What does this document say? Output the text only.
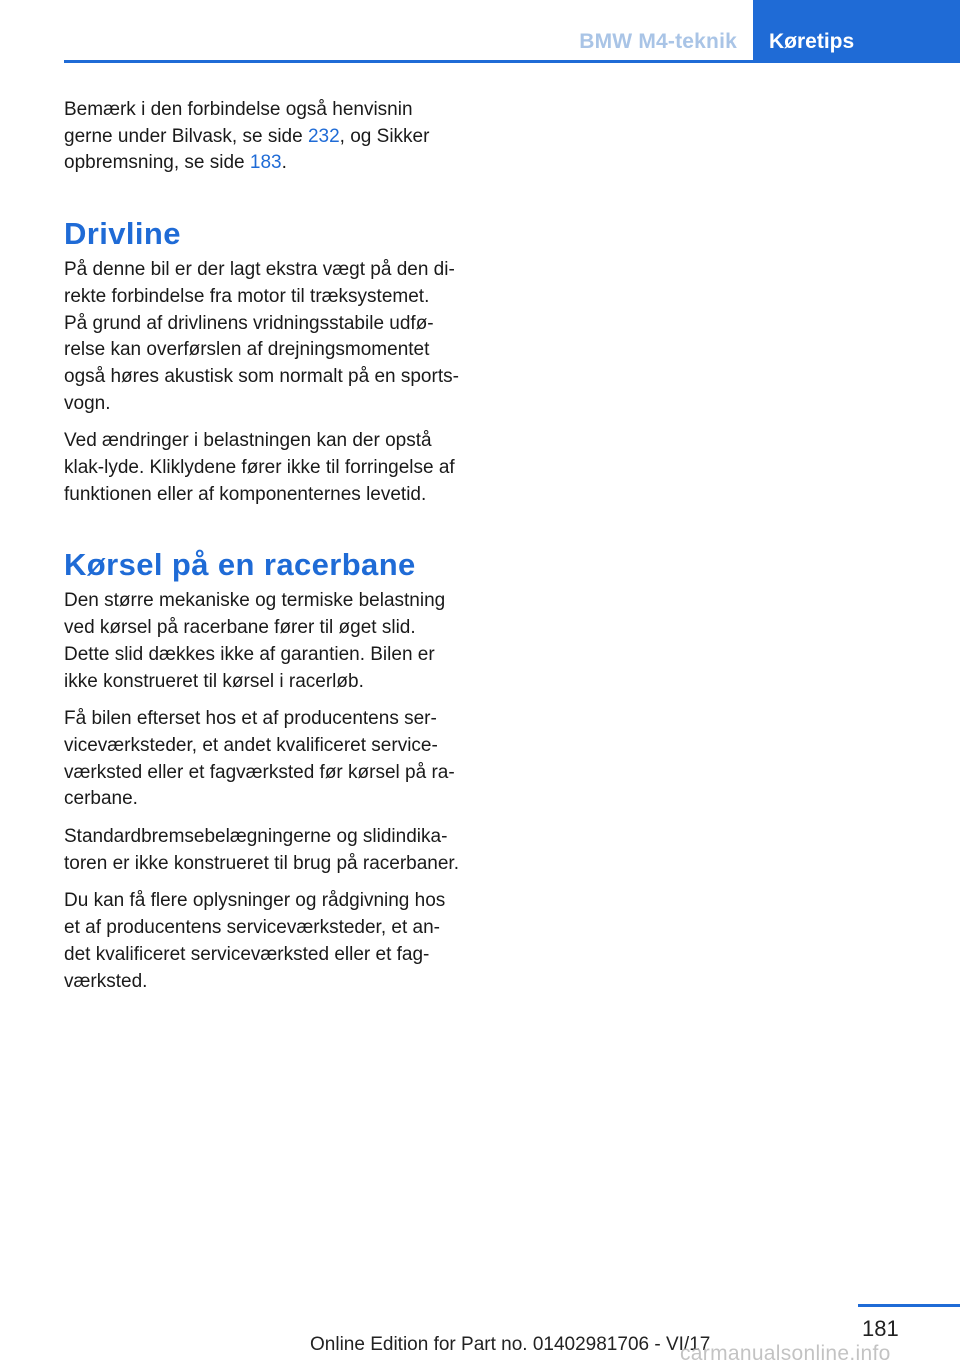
BMW M4-teknik	Køretips

Bemærk i den forbindelse også henvisnin
gerne under Bilvask, se side 232, og Sikker
opbremsning, se side 183.

Drivline

På denne bil er der lagt ekstra vægt på den di‐
rekte forbindelse fra motor til træksystemet.
På grund af drivlinens vridningsstabile udfø‐
relse kan overførslen af drejningsmomentet
også høres akustisk som normalt på en sports‐
vogn.

Ved ændringer i belastningen kan der opstå
klak-lyde. Kliklydene fører ikke til forringelse af
funktionen eller af komponenternes levetid.

Kørsel på en racerbane

Den større mekaniske og termiske belastning
ved kørsel på racerbane fører til øget slid.
Dette slid dækkes ikke af garantien. Bilen er
ikke konstrueret til kørsel i racerløb.

Få bilen efterset hos et af producentens ser‐
viceværksteder, et andet kvalificeret service‐
værksted eller et fagværksted før kørsel på ra‐
cerbane.

Standardbremsebelægningerne og slidindika‐
toren er ikke konstrueret til brug på racerbaner.

Du kan få flere oplysninger og rådgivning hos
et af producentens serviceværksteder, et an‐
det kvalificeret serviceværksted eller et fag‐
værksted.

181
Online Edition for Part no. 01402981706 - VI/17
carmanualsonline.info
